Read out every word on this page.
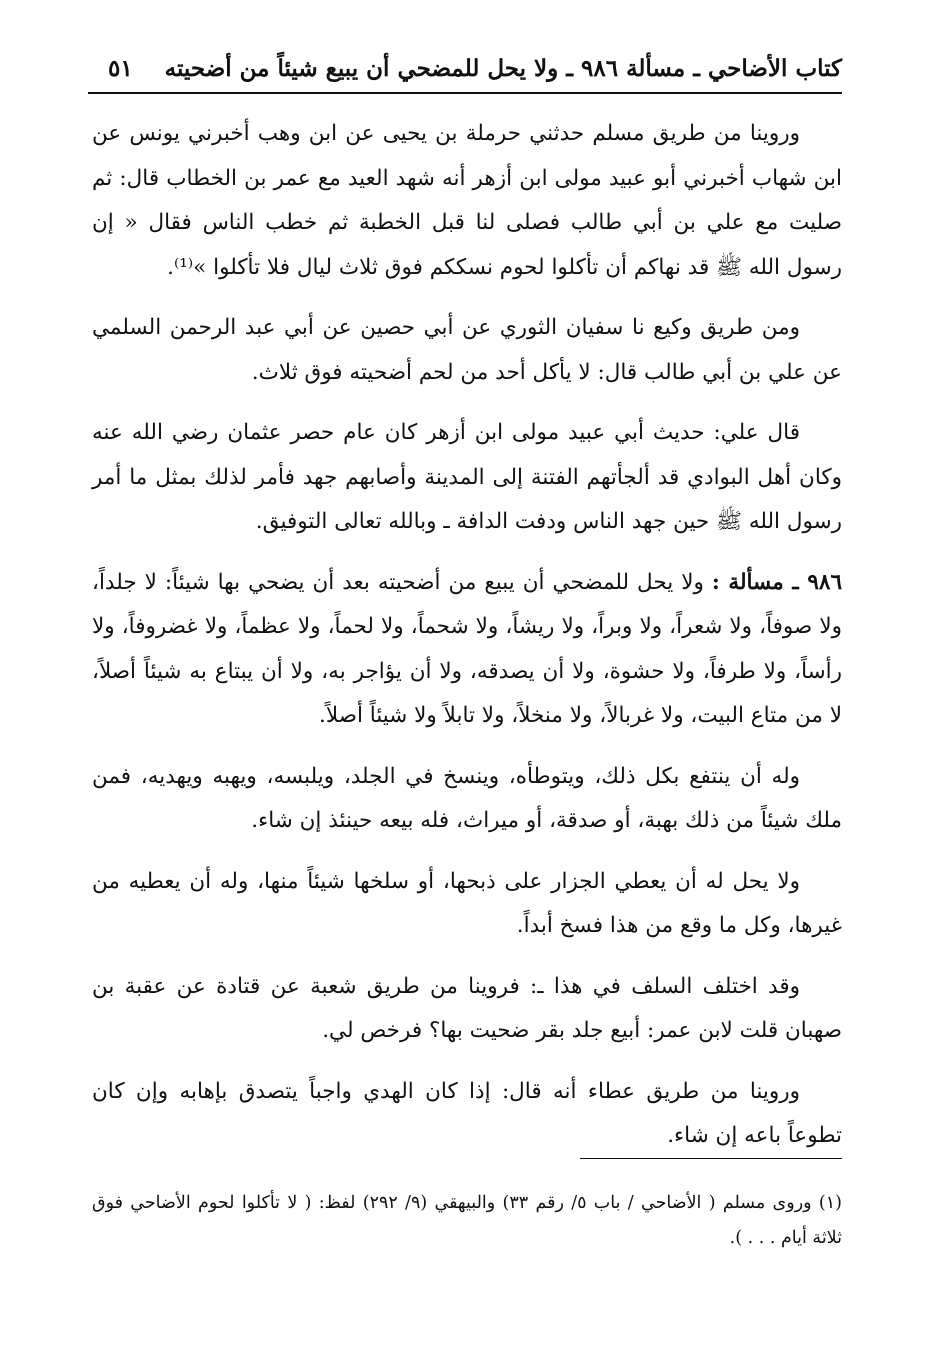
كتاب الأضاحي ـ مسألة ٩٨٦ ـ ولا يحل للمضحي أن يبيع شيئاً من أضحيته
٥١

وروينا من طريق مسلم حدثني حرملة بن يحيى عن ابن وهب أخبرني يونس عن ابن شهاب أخبرني أبو عبيد مولى ابن أزهر أنه شهد العيد مع عمر بن الخطاب قال: ثم صليت مع علي بن أبي طالب فصلى لنا قبل الخطبة ثم خطب الناس فقال « إن رسول الله ﷺ قد نهاكم أن تأكلوا لحوم نسككم فوق ثلاث ليال فلا تأكلوا »⁽¹⁾.

ومن طريق وكيع نا سفيان الثوري عن أبي حصين عن أبي عبد الرحمن السلمي عن علي بن أبي طالب قال: لا يأكل أحد من لحم أضحيته فوق ثلاث.

قال علي: حديث أبي عبيد مولى ابن أزهر كان عام حصر عثمان رضي الله عنه وكان أهل البوادي قد ألجأتهم الفتنة إلى المدينة وأصابهم جهد فأمر لذلك بمثل ما أمر رسول الله ﷺ حين جهد الناس ودفت الدافة ـ وبالله تعالى التوفيق.

٩٨٦ ـ مسألة : ولا يحل للمضحي أن يبيع من أضحيته بعد أن يضحي بها شيئاً: لا جلداً، ولا صوفاً، ولا شعراً، ولا وبراً، ولا ريشاً، ولا شحماً، ولا لحماً، ولا عظماً، ولا غضروفاً، ولا رأساً، ولا طرفاً، ولا حشوة، ولا أن يصدقه، ولا أن يؤاجر به، ولا أن يبتاع به شيئاً أصلاً، لا من متاع البيت، ولا غربالاً، ولا منخلاً، ولا تابلاً ولا شيئاً أصلاً.

وله أن ينتفع بكل ذلك، ويتوطأه، وينسخ في الجلد، ويلبسه، ويهبه ويهديه، فمن ملك شيئاً من ذلك بهبة، أو صدقة، أو ميراث، فله بيعه حينئذ إن شاء.

ولا يحل له أن يعطي الجزار على ذبحها، أو سلخها شيئاً منها، وله أن يعطيه من غيرها، وكل ما وقع من هذا فسخ أبداً.

وقد اختلف السلف في هذا ـ: فروينا من طريق شعبة عن قتادة عن عقبة بن صهبان قلت لابن عمر: أبيع جلد بقر ضحيت بها؟ فرخص لي.

وروينا من طريق عطاء أنه قال: إذا كان الهدي واجباً يتصدق بإهابه وإن كان تطوعاً باعه إن شاء.

(١) وروى مسلم ( الأضاحي / باب ٥/ رقم ٣٣) والبيهقي (٩/ ٢٩٢) لفظ: ( لا تأكلوا لحوم الأضاحي فوق ثلاثة أيام . . . ).
